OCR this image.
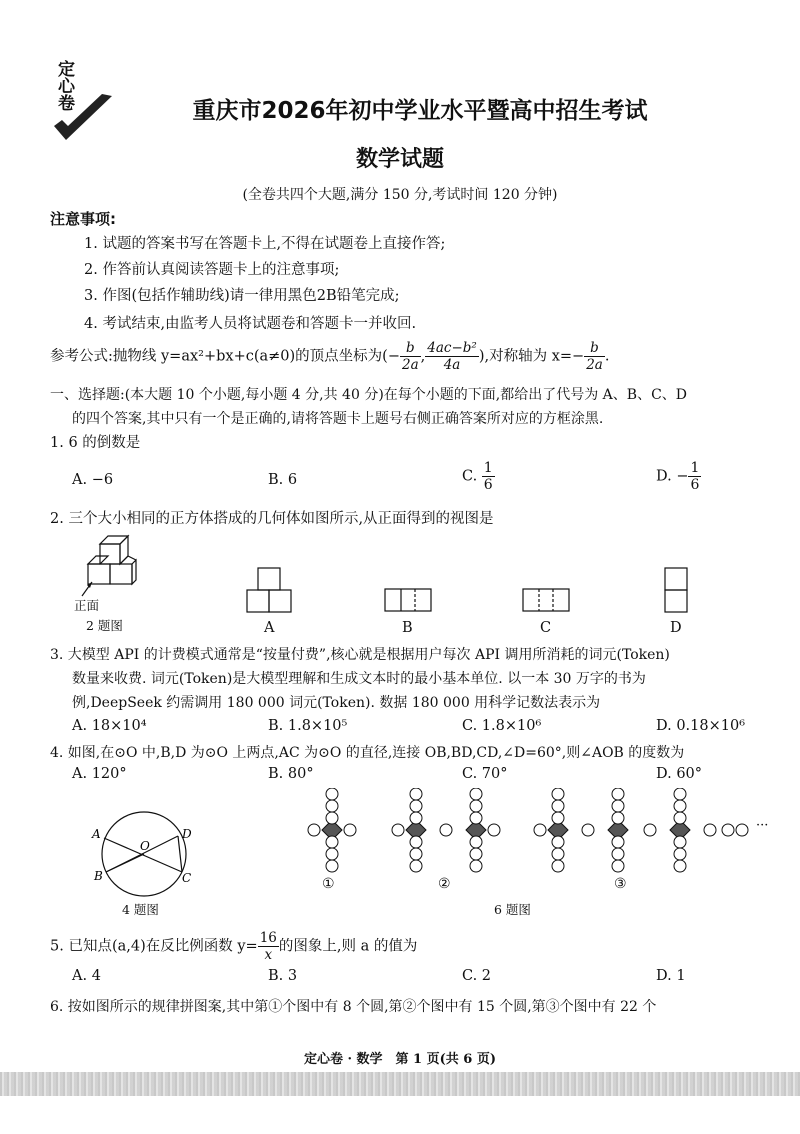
定心卷	重庆市2026年初中学业水平暨高中招生考试
数学试题
(全卷共四个大题,满分 150 分,考试时间 120 分钟)
注意事项:
1. 试题的答案书写在答题卡上,不得在试题卷上直接作答;
2. 作答前认真阅读答题卡上的注意事项;
3. 作图(包括作辅助线)请一律用黑色2B铅笔完成;
4. 考试结束,由监考人员将试题卷和答题卡一并收回.
参考公式:抛物线 y=ax²+bx+c(a≠0)的顶点坐标为(− $\frac{b}{2a}$ , $\frac{\text{4ac−b²}}{4a}$ ),对称轴为 $x=- \frac{b}{2a}$ .
一、选择题:(本大题 10 个小题,每小题 4 分,共 40 分)在每个小题的下面,都给出了代号为 A、B、C、D
的四个答案,其中只有一个是正确的,请将答题卡上题号右侧正确答案所对应的方框涂黑.
1. 6 的倒数是
A. −6	B. 6	C. $\frac{1}{6}$	D. − $\frac{1}{6}$
2. 三个大小相同的正方体搭成的几何体如图所示,从正面得到的视图是
正面
2 题图	A	B	C	D
3. 大模型 API 的计费模式通常是“按量付费”,核心就是根据用户每次 API 调用所消耗的词元(Token)
数量来收费. 词元(Token)是大模型理解和生成文本时的最小基本单位. 以一本 30 万字的书为
例,DeepSeek 约需调用 180 000 词元(Token). 数据 180 000 用科学记数法表示为
A. 18×10⁴	B. 1.8×10⁵	C. 1.8×10⁶	D. 0.18×10⁶
4. 如图,在⊙O 中,B,D 为⊙O 上两点,AC 为⊙O 的直径,连接 OB,BD,CD,∠D=60°,则∠AOB 的度数为
A. 120°	B. 80°	C. 70°	D. 60°
A
B	C
D
O
4 题图
①	②	③
···
6 题图
5. 已知点(a,4)在反比例函数 $y= \frac{16}{x}$ 的图象上,则 a 的值为
A. 4	B. 3	C. 2	D. 1
6. 按如图所示的规律拼图案,其中第①个图中有 8 个圆,第②个图中有 15 个圆,第③个图中有 22 个
定心卷 · 数学　第 1 页(共 6 页)
